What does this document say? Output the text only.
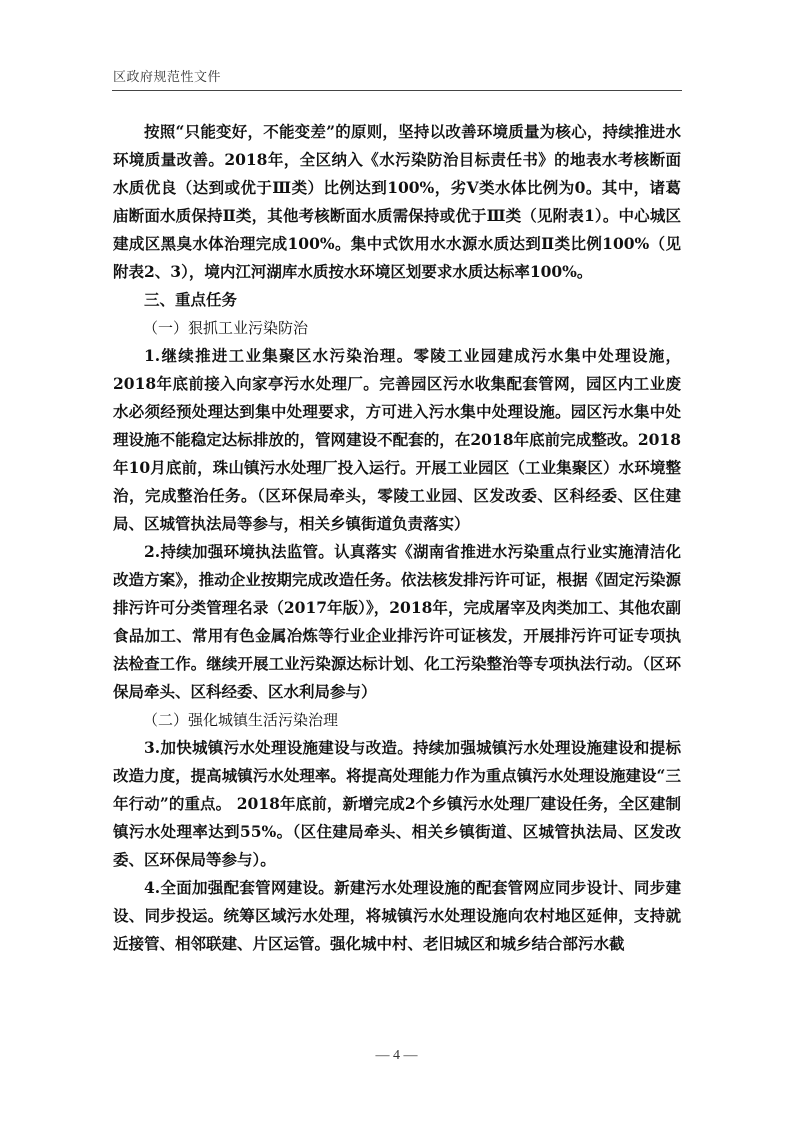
区政府规范性文件

按照“只能变好，不能变差”的原则，坚持以改善环境质量为核心，持续推进水环境质量改善。2018年，全区纳入《水污染防治目标责任书》的地表水考核断面水质优良（达到或优于Ⅲ类）比例达到100%，劣Ⅴ类水体比例为0。其中，诸葛庙断面水质保持Ⅱ类，其他考核断面水质需保持或优于Ⅲ类（见附表1）。中心城区建成区黑臭水体治理完成100%。集中式饮用水水源水质达到Ⅱ类比例100%（见附表2、3），境内江河湖库水质按水环境区划要求水质达标率100%。

三、重点任务

（一）狠抓工业污染防治

1.继续推进工业集聚区水污染治理。零陵工业园建成污水集中处理设施，2018年底前接入向家亭污水处理厂。完善园区污水收集配套管网，园区内工业废水必须经预处理达到集中处理要求，方可进入污水集中处理设施。园区污水集中处理设施不能稳定达标排放的，管网建设不配套的，在2018年底前完成整改。2018年10月底前，珠山镇污水处理厂投入运行。开展工业园区（工业集聚区）水环境整治，完成整治任务。（区环保局牵头，零陵工业园、区发改委、区科经委、区住建局、区城管执法局等参与，相关乡镇街道负责落实）

2.持续加强环境执法监管。认真落实《湖南省推进水污染重点行业实施清洁化改造方案》，推动企业按期完成改造任务。依法核发排污许可证，根据《固定污染源排污许可分类管理名录（2017年版）》，2018年，完成屠宰及肉类加工、其他农副食品加工、常用有色金属冶炼等行业企业排污许可证核发，开展排污许可证专项执法检查工作。继续开展工业污染源达标计划、化工污染整治等专项执法行动。（区环保局牵头、区科经委、区水利局参与）

（二）强化城镇生活污染治理

3.加快城镇污水处理设施建设与改造。持续加强城镇污水处理设施建设和提标改造力度，提高城镇污水处理率。将提高处理能力作为重点镇污水处理设施建设“三年行动”的重点。 2018年底前，新增完成2个乡镇污水处理厂建设任务，全区建制镇污水处理率达到55%。（区住建局牵头、相关乡镇街道、区城管执法局、区发改委、区环保局等参与）。

4.全面加强配套管网建设。新建污水处理设施的配套管网应同步设计、同步建设、同步投运。统筹区域污水处理，将城镇污水处理设施向农村地区延伸，支持就近接管、相邻联建、片区运管。强化城中村、老旧城区和城乡结合部污水截

— 4 —
